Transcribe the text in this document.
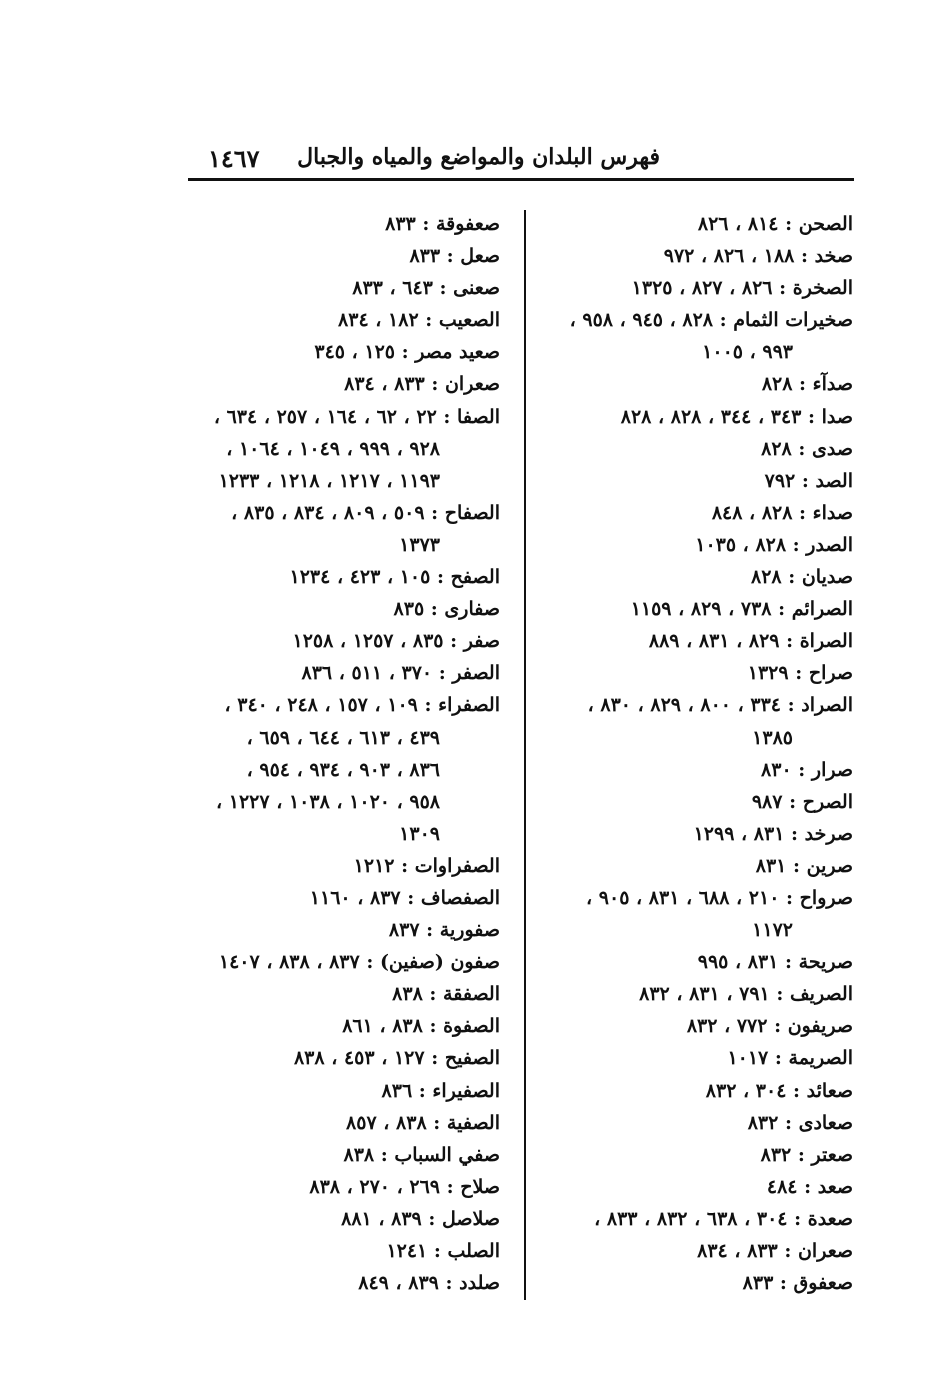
فهرس البلدان والمواضع والمياه والجبال
١٤٦٧
الصحن : ٨١٤ ، ٨٢٦
صخد : ١٨٨ ، ٨٢٦ ، ٩٧٢
الصخرة : ٨٢٦ ، ٨٢٧ ، ١٣٢٥
صخيرات الثمام : ٨٢٨ ، ٩٤٥ ، ٩٥٨ ،
٩٩٣ ، ١٠٠٥
صدآء : ٨٢٨
صدا : ٣٤٣ ، ٣٤٤ ، ٨٢٨ ، ٨٢٨
صدى : ٨٢٨
الصد : ٧٩٢
صداء : ٨٢٨ ، ٨٤٨
الصدر : ٨٢٨ ، ١٠٣٥
صديان : ٨٢٨
الصرائم : ٧٣٨ ، ٨٢٩ ، ١١٥٩
الصراة : ٨٢٩ ، ٨٣١ ، ٨٨٩
صراح : ١٣٢٩
الصراد : ٣٣٤ ، ٨٠٠ ، ٨٢٩ ، ٨٣٠ ،
١٣٨٥
صرار : ٨٣٠
الصرح : ٩٨٧
صرخد : ٨٣١ ، ١٢٩٩
صرين : ٨٣١
صرواح : ٢١٠ ، ٦٨٨ ، ٨٣١ ، ٩٠٥ ،
١١٧٢
صريحة : ٨٣١ ، ٩٩٥
الصريف : ٧٩١ ، ٨٣١ ، ٨٣٢
صريفون : ٧٧٢ ، ٨٣٢
الصريمة : ١٠١٧
صعائد : ٣٠٤ ، ٨٣٢
صعادى : ٨٣٢
صعتر : ٨٣٢
صعد : ٤٨٤
صعدة : ٣٠٤ ، ٦٣٨ ، ٨٣٢ ، ٨٣٣ ،
صعران : ٨٣٣ ، ٨٣٤
صعفوق : ٨٣٣
صعفوقة : ٨٣٣
صعل : ٨٣٣
صعنى : ٦٤٣ ، ٨٣٣
الصعيب : ١٨٢ ، ٨٣٤
صعيد مصر : ١٢٥ ، ٣٤٥
صعران : ٨٣٣ ، ٨٣٤
الصفا : ٢٢ ، ٦٢ ، ١٦٤ ، ٢٥٧ ، ٦٣٤ ،
٩٢٨ ، ٩٩٩ ، ١٠٤٩ ، ١٠٦٤ ،
١١٩٣ ، ١٢١٧ ، ١٢١٨ ، ١٢٣٣
الصفاح : ٥٠٩ ، ٨٠٩ ، ٨٣٤ ، ٨٣٥ ،
١٣٧٣
الصفح : ١٠٥ ، ٤٢٣ ، ١٢٣٤
صفارى : ٨٣٥
صفر : ٨٣٥ ، ١٢٥٧ ، ١٢٥٨
الصفر : ٣٧٠ ، ٥١١ ، ٨٣٦
الصفراء : ١٠٩ ، ١٥٧ ، ٢٤٨ ، ٣٤٠ ،
٤٣٩ ، ٦١٣ ، ٦٤٤ ، ٦٥٩ ،
٨٣٦ ، ٩٠٣ ، ٩٣٤ ، ٩٥٤ ،
٩٥٨ ، ١٠٢٠ ، ١٠٣٨ ، ١٢٢٧ ،
١٣٠٩
الصفراوات : ١٢١٢
الصفصاف : ٨٣٧ ، ١١٦٠
صفورية : ٨٣٧
صفون (صفين) : ٨٣٧ ، ٨٣٨ ، ١٤٠٧
الصفقة : ٨٣٨
الصفوة : ٨٣٨ ، ٨٦١
الصفيح : ١٢٧ ، ٤٥٣ ، ٨٣٨
الصفيراء : ٨٣٦
الصفية : ٨٣٨ ، ٨٥٧
صفي السباب : ٨٣٨
صلاح : ٢٦٩ ، ٢٧٠ ، ٨٣٨
صلاصل : ٨٣٩ ، ٨٨١
الصلب : ١٢٤١
صلدد : ٨٣٩ ، ٨٤٩
